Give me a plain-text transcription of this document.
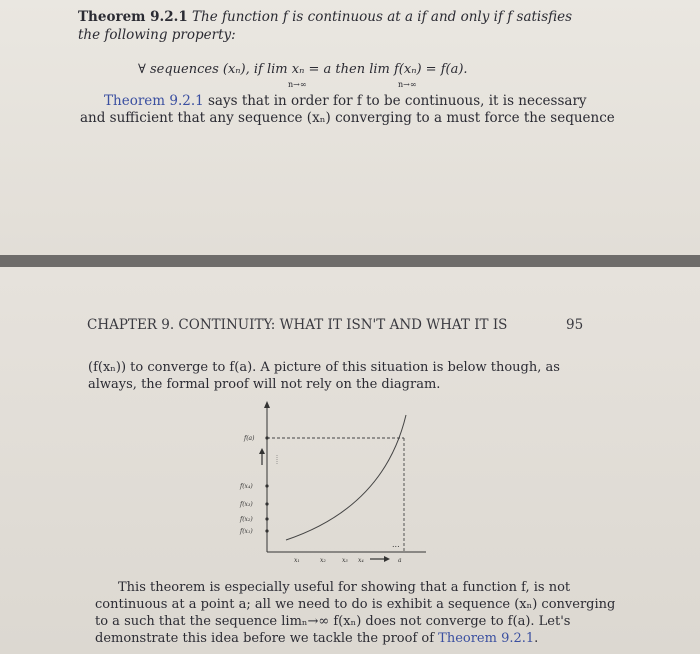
Theorem 9.2.1 The function f is continuous at a if and only if f satisfies
the following property:
∀ sequences (xₙ), if lim xₙ = a then lim f(xₙ) = f(a).
n→∞	n→∞
Theorem 9.2.1 says that in order for f to be continuous, it is necessary
and sufficient that any sequence (xₙ) converging to a must force the sequence
CHAPTER 9. CONTINUITY: WHAT IT ISN'T AND WHAT IT IS	95
(f(xₙ)) to converge to f(a). A picture of this situation is below though, as
always, the formal proof will not rely on the diagram.
f(a)
f(x₄)
f(x₃)
f(x₂)
f(x₁)
x₁	x₂	x₃ x₄	a
...
This theorem is especially useful for showing that a function f, is not
continuous at a point a; all we need to do is exhibit a sequence (xₙ) converging
to a such that the sequence limₙ→∞ f(xₙ) does not converge to f(a). Let's
demonstrate this idea before we tackle the proof of Theorem 9.2.1.
